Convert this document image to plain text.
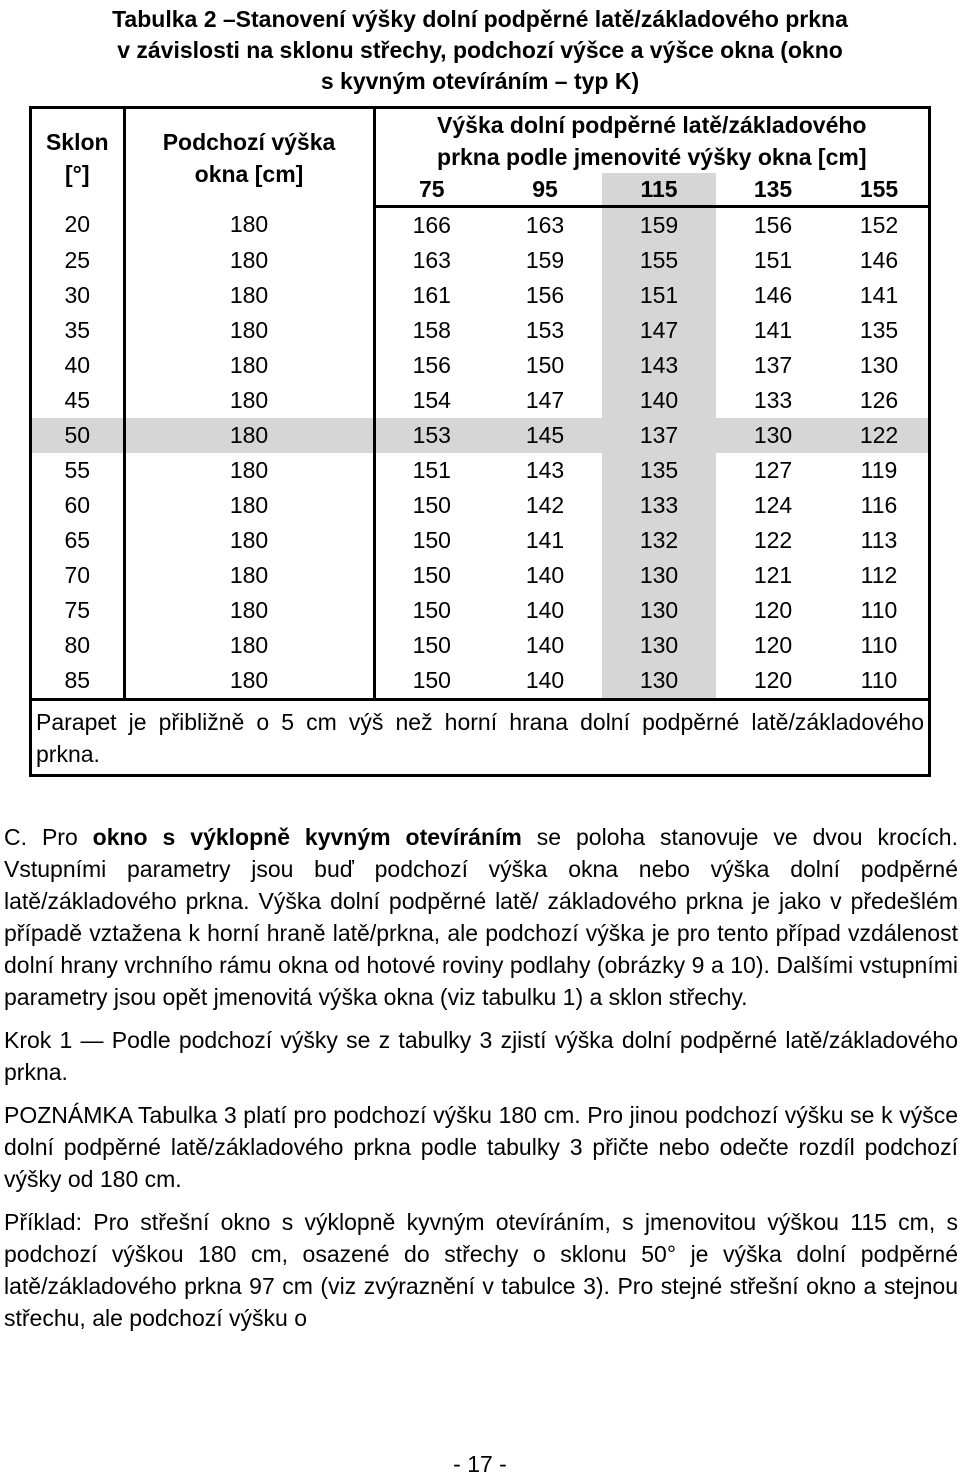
Tabulka 2 –Stanovení výšky dolní podpěrné latě/základového prkna
v závislosti na sklonu střechy, podchozí výšce a výšce okna (okno
s kyvným otevíráním – typ K)
Sklon
[°]	Podchozí výška
okna [cm]	Výška dolní podpěrné latě/základového				
		prkna podle jmenovité výšky okna [cm]				
		75	95	115	135	155
20	180	166	163	159	156	152
25	180	163	159	155	151	146
30	180	161	156	151	146	141
35	180	158	153	147	141	135
40	180	156	150	143	137	130
45	180	154	147	140	133	126
50	180	153	145	137	130	122
55	180	151	143	135	127	119
60	180	150	142	133	124	116
65	180	150	141	132	122	113
70	180	150	140	130	121	112
75	180	150	140	130	120	110
80	180	150	140	130	120	110
85	180	150	140	130	120	110
Parapet je přibližně o 5 cm výš než horní hrana dolní podpěrné latě/základového prkna.

C. Pro okno s výklopně kyvným otevíráním se poloha stanovuje ve dvou krocích. Vstupními parametry jsou buď podchozí výška okna nebo výška dolní podpěrné latě/základového prkna. Výška dolní podpěrné latě/ základového prkna je jako v předešlém případě vztažena k horní hraně latě/prkna, ale podchozí výška je pro tento případ vzdálenost dolní hrany vrchního rámu okna od hotové roviny podlahy (obrázky 9 a 10). Dalšími vstupními parametry jsou opět jmenovitá výška okna (viz tabulku 1) a sklon střechy.

Krok 1 — Podle podchozí výšky se z tabulky 3 zjistí výška dolní podpěrné latě/základového prkna.

POZNÁMKA Tabulka 3 platí pro podchozí výšku 180 cm. Pro jinou podchozí výšku se k výšce dolní podpěrné latě/základového prkna podle tabulky 3 přičte nebo odečte rozdíl podchozí výšky od 180 cm.

Příklad: Pro střešní okno s výklopně kyvným otevíráním, s jmenovitou výškou 115 cm, s podchozí výškou 180 cm, osazené do střechy o sklonu 50° je výška dolní podpěrné latě/základového prkna 97 cm (viz zvýraznění v tabulce 3). Pro stejné střešní okno a stejnou střechu, ale podchozí výšku o

- 17 -
